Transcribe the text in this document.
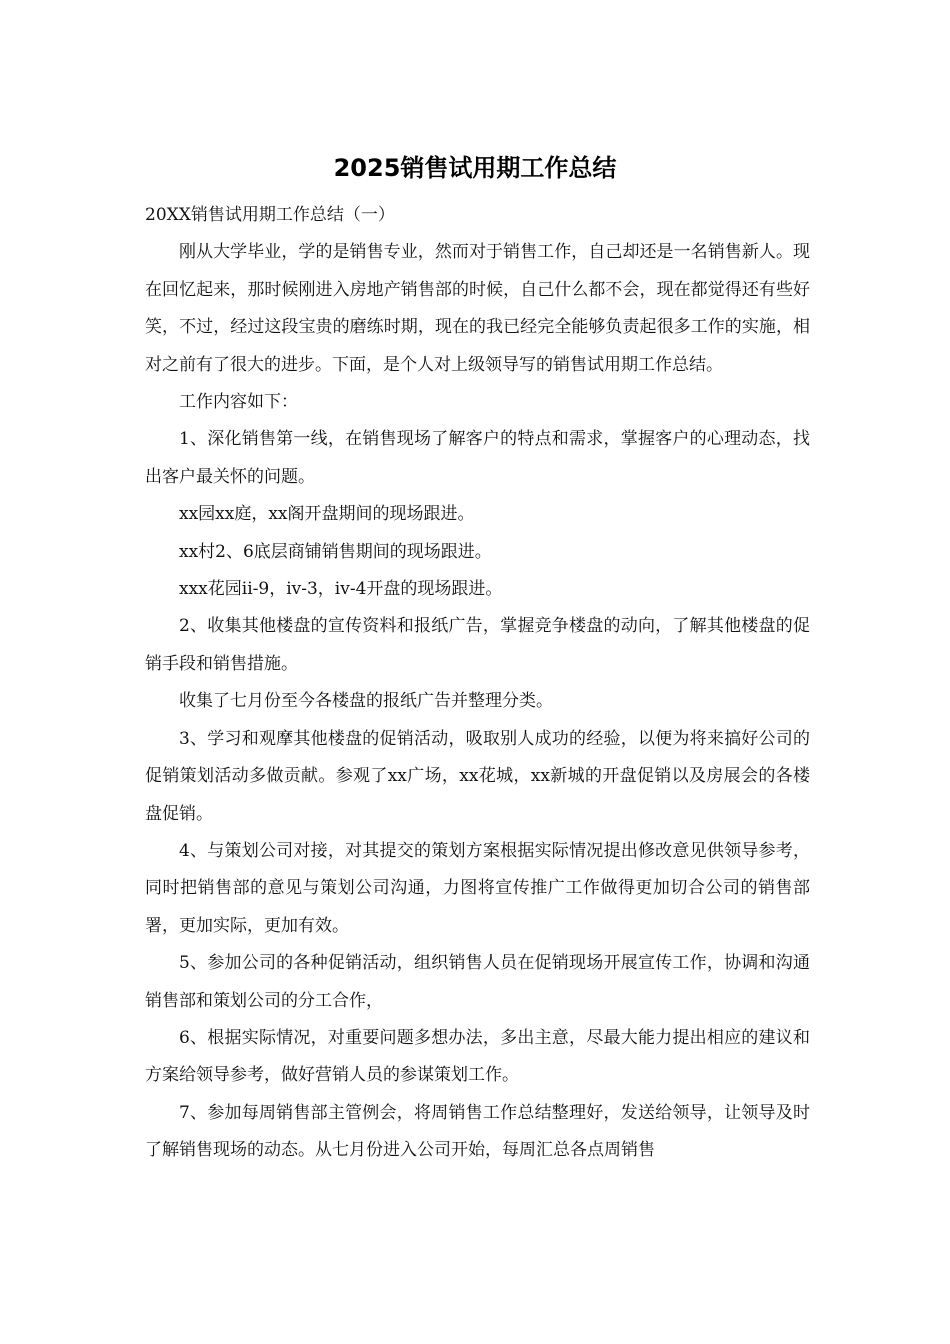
2025销售试用期工作总结

20XX销售试用期工作总结（一）

刚从大学毕业，学的是销售专业，然而对于销售工作，自己却还是一名销售新人。现在回忆起来，那时候刚进入房地产销售部的时候，自己什么都不会，现在都觉得还有些好笑，不过，经过这段宝贵的磨练时期，现在的我已经完全能够负责起很多工作的实施，相对之前有了很大的进步。下面，是个人对上级领导写的销售试用期工作总结。

工作内容如下：

1、深化销售第一线，在销售现场了解客户的特点和需求，掌握客户的心理动态，找出客户最关怀的问题。

xx园xx庭，xx阁开盘期间的现场跟进。

xx村2、6底层商铺销售期间的现场跟进。

xxx花园ii-9，iv-3，iv-4开盘的现场跟进。

2、收集其他楼盘的宣传资料和报纸广告，掌握竞争楼盘的动向，了解其他楼盘的促销手段和销售措施。

收集了七月份至今各楼盘的报纸广告并整理分类。

3、学习和观摩其他楼盘的促销活动，吸取别人成功的经验，以便为将来搞好公司的促销策划活动多做贡献。参观了xx广场，xx花城，xx新城的开盘促销以及房展会的各楼盘促销。

4、与策划公司对接，对其提交的策划方案根据实际情况提出修改意见供领导参考，同时把销售部的意见与策划公司沟通，力图将宣传推广工作做得更加切合公司的销售部署，更加实际，更加有效。

5、参加公司的各种促销活动，组织销售人员在促销现场开展宣传工作，协调和沟通销售部和策划公司的分工合作，

6、根据实际情况，对重要问题多想办法，多出主意，尽最大能力提出相应的建议和方案给领导参考，做好营销人员的参谋策划工作。

7、参加每周销售部主管例会，将周销售工作总结整理好，发送给领导，让领导及时了解销售现场的动态。从七月份进入公司开始，每周汇总各点周销售
